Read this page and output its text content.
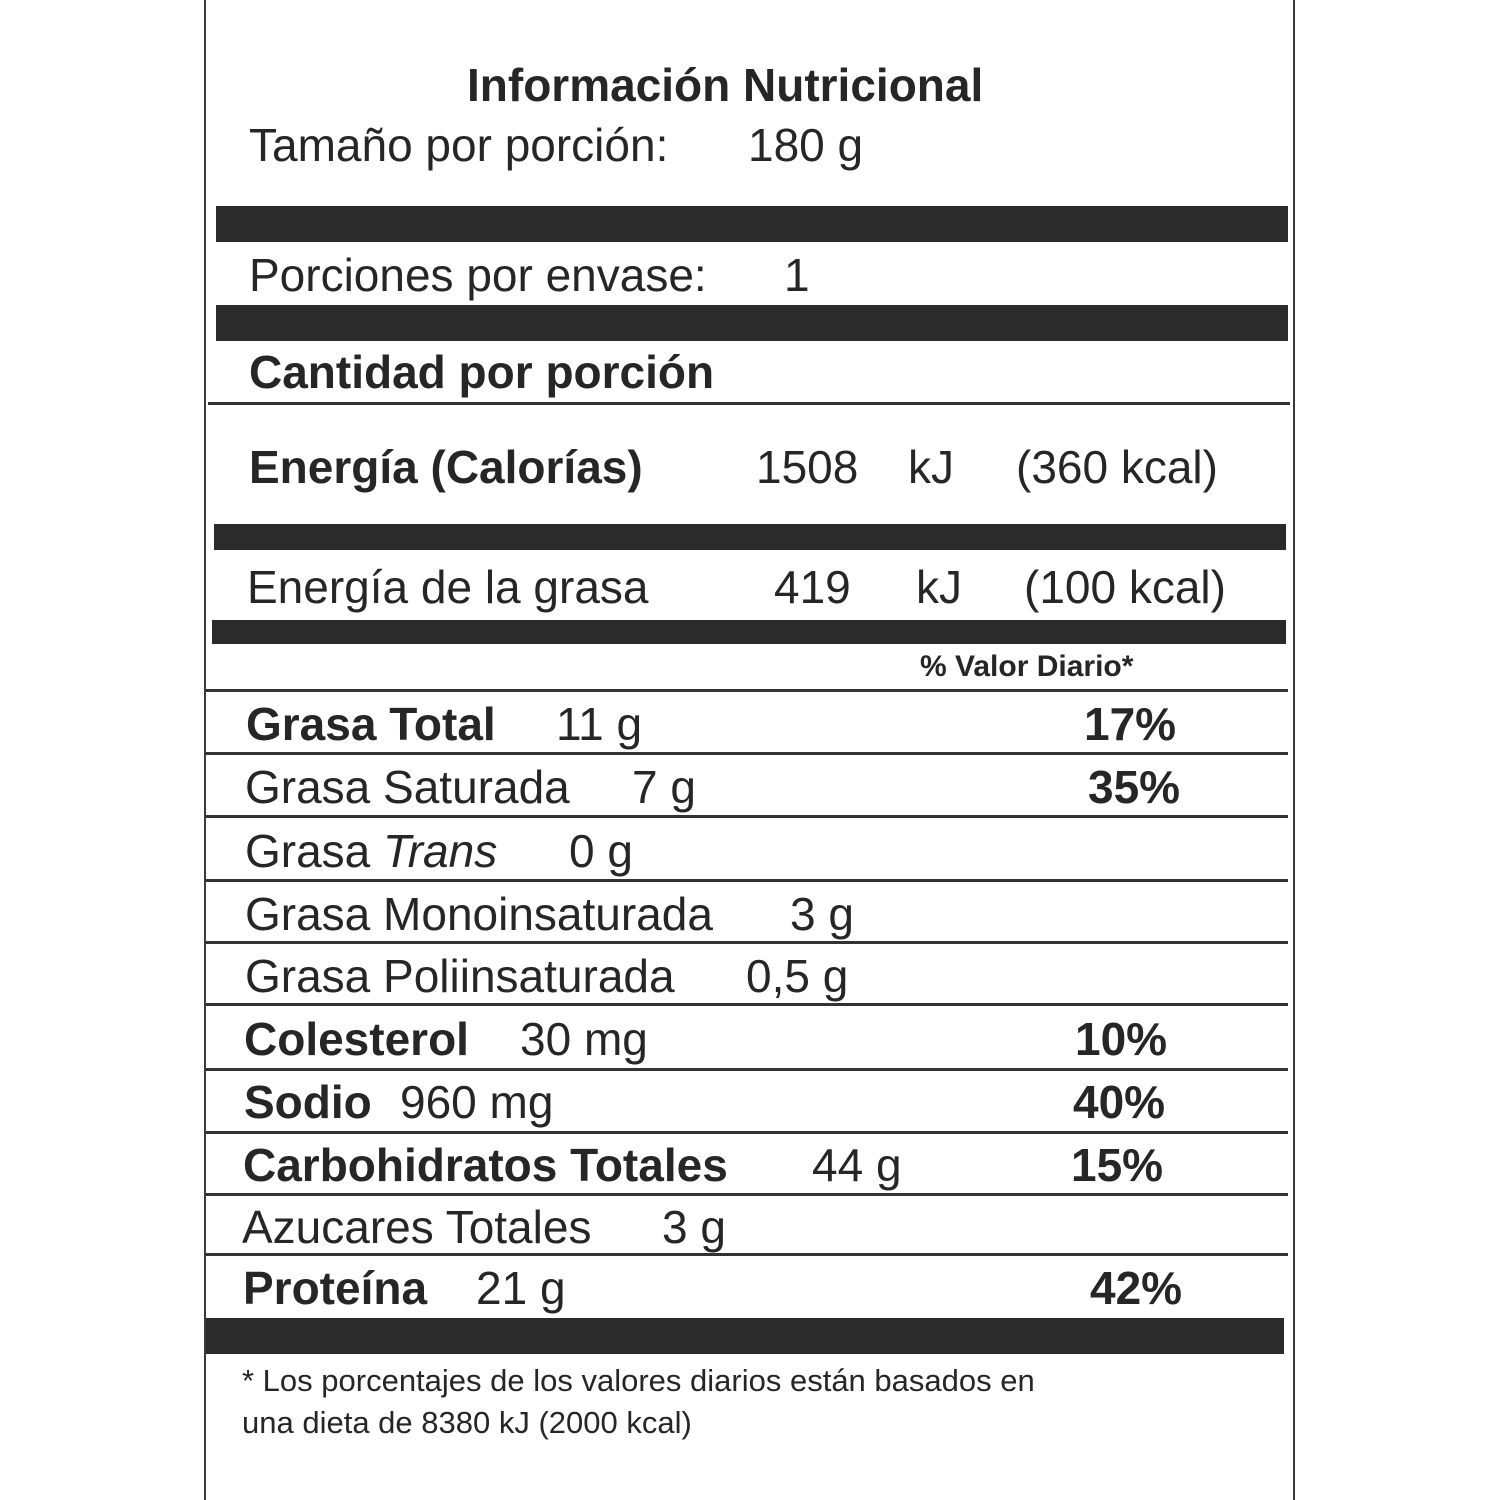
Información Nutricional
Tamaño por porción: 180 g
Porciones por envase: 1
Cantidad por porción
Energía (Calorías) 1508 kJ (360 kcal)
Energía de la grasa	419 kJ (100 kcal)
% Valor Diario*
Grasa Total 11 g	17%
Grasa Saturada 7 g	35%
Grasa Trans 0 g
Grasa Monoinsaturada 3 g
Grasa Poliinsaturada 0,5 g
Colesterol 30 mg	10%
Sodio 960 mg	40%
Carbohidratos Totales 44 g	15%
Azucares Totales 3 g
Proteína 21 g	42%
* Los porcentajes de los valores diarios están basados en
una dieta de 8380 kJ (2000 kcal)
